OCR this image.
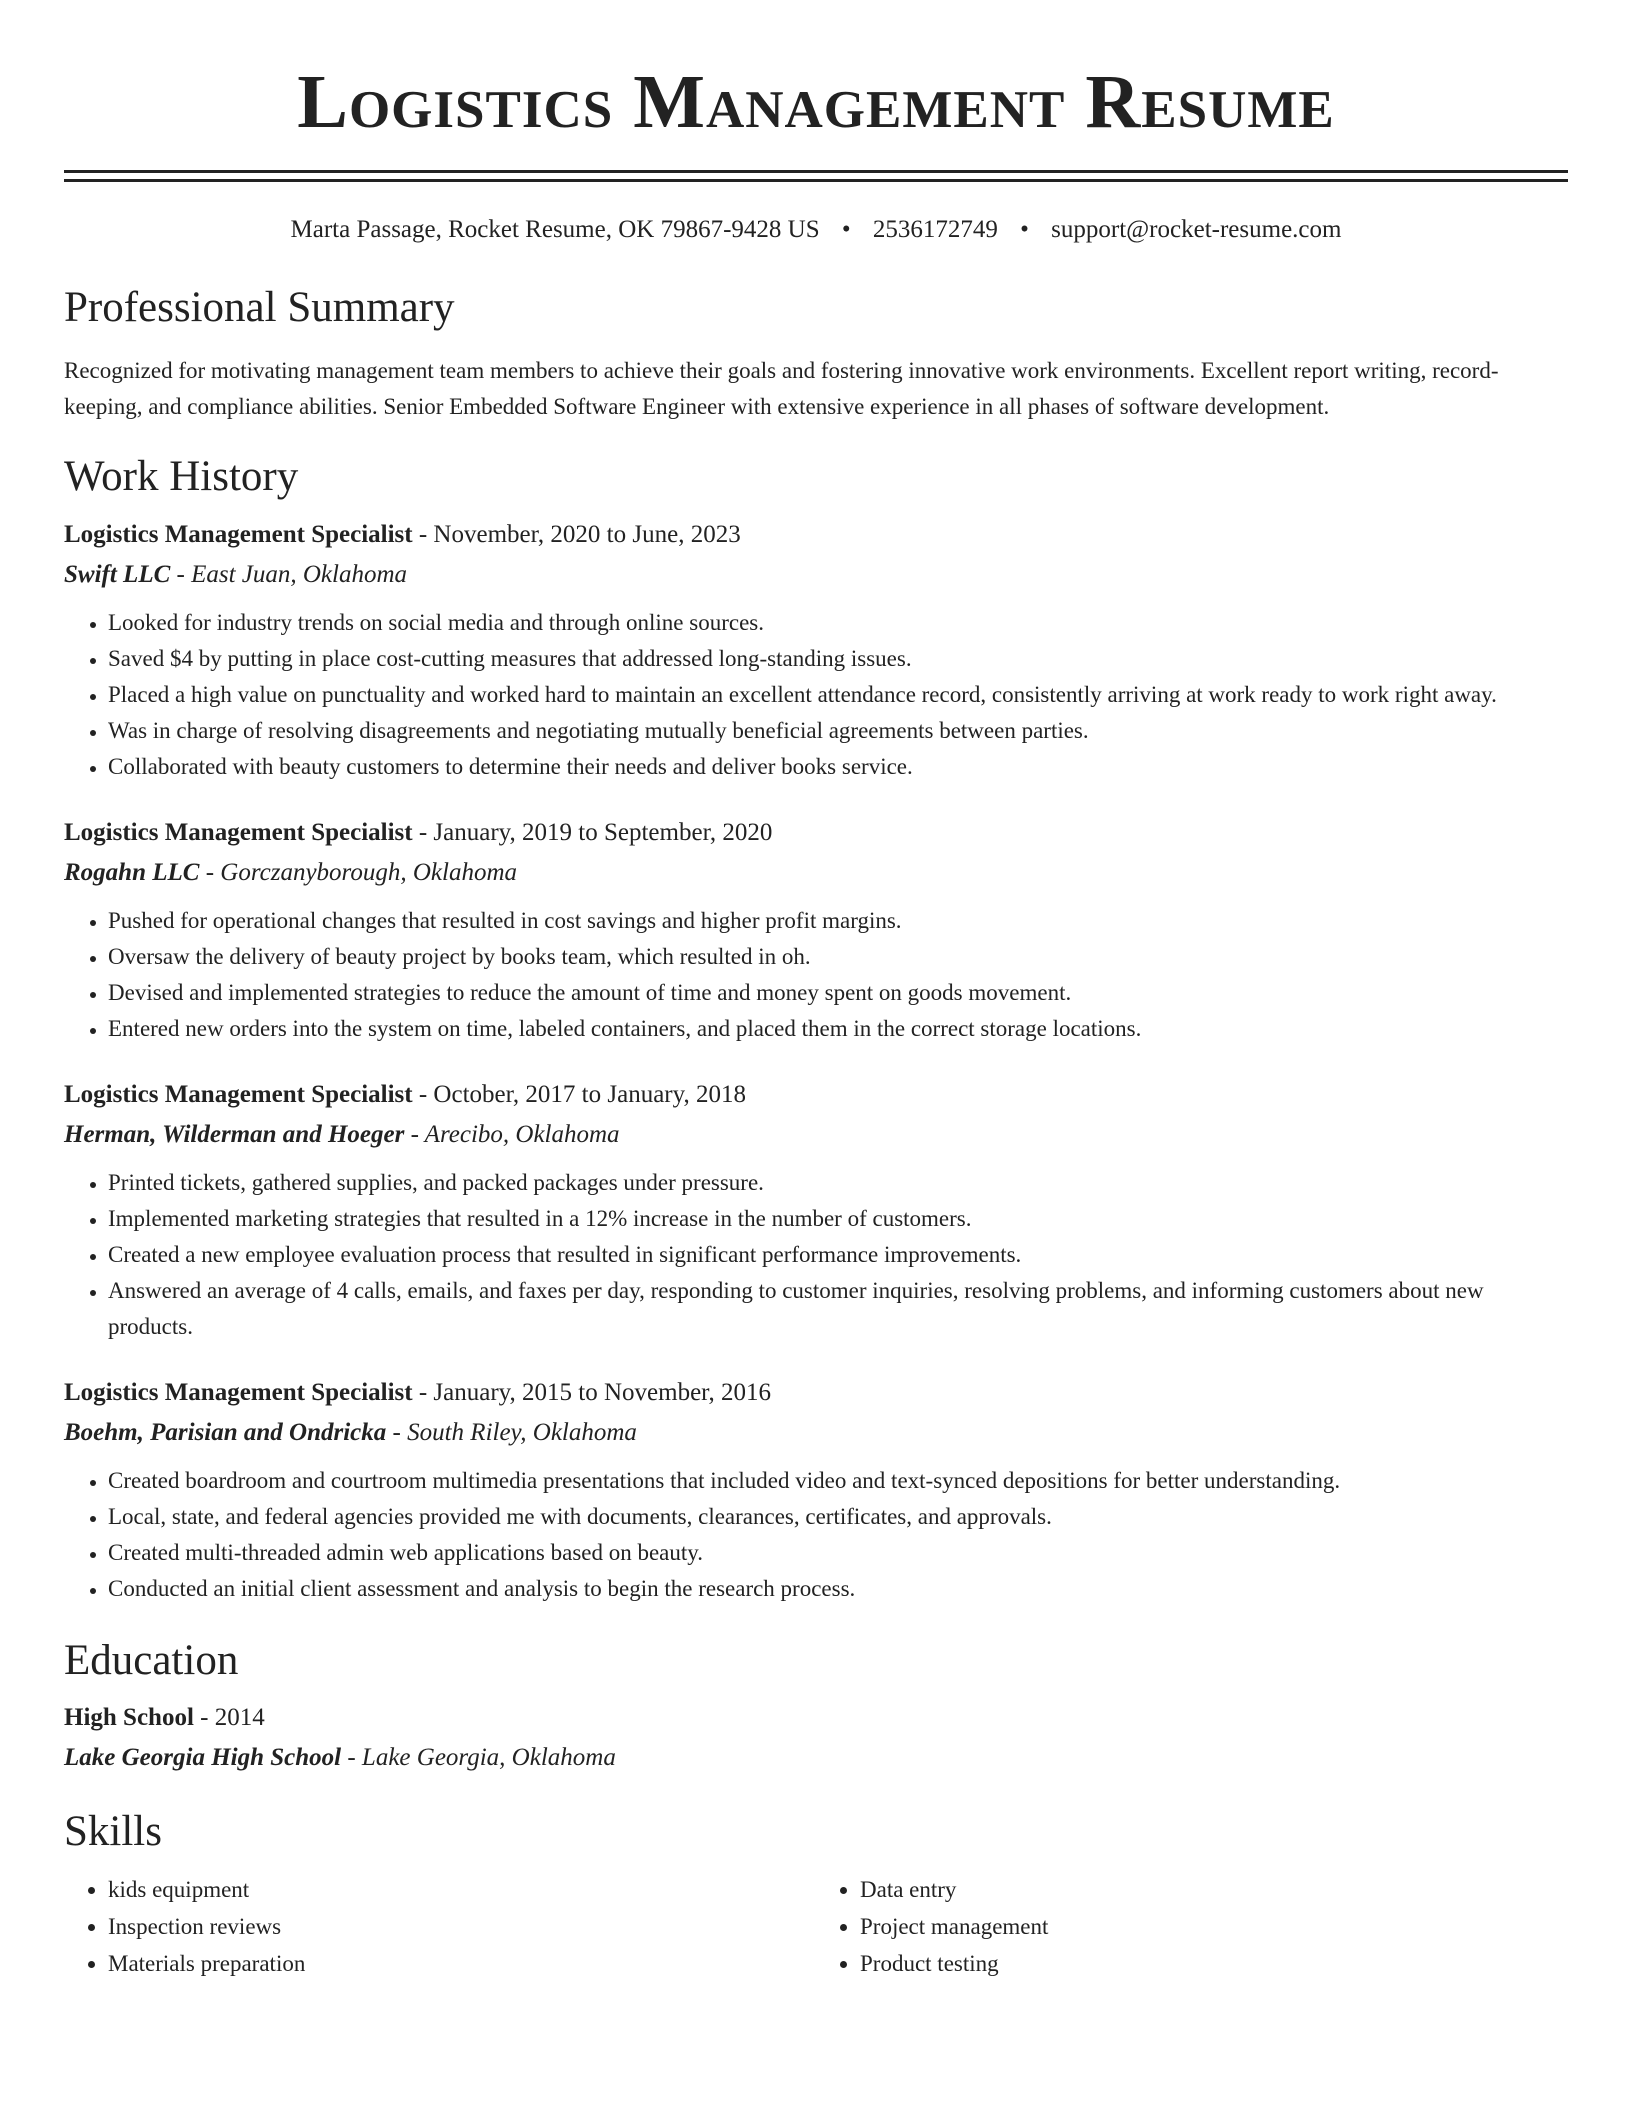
Logistics Management Resume
Marta Passage, Rocket Resume, OK 79867-9428 US • 2536172749 • support@rocket-resume.com
Professional Summary
Recognized for motivating management team members to achieve their goals and fostering innovative work environments. Excellent report writing, record-keeping, and compliance abilities. Senior Embedded Software Engineer with extensive experience in all phases of software development.
Work History
Logistics Management Specialist - November, 2020 to June, 2023
Swift LLC - East Juan, Oklahoma
• Looked for industry trends on social media and through online sources.
• Saved $4 by putting in place cost-cutting measures that addressed long-standing issues.
• Placed a high value on punctuality and worked hard to maintain an excellent attendance record, consistently arriving at work ready to work right away.
• Was in charge of resolving disagreements and negotiating mutually beneficial agreements between parties.
• Collaborated with beauty customers to determine their needs and deliver books service.
Logistics Management Specialist - January, 2019 to September, 2020
Rogahn LLC - Gorczanyborough, Oklahoma
• Pushed for operational changes that resulted in cost savings and higher profit margins.
• Oversaw the delivery of beauty project by books team, which resulted in oh.
• Devised and implemented strategies to reduce the amount of time and money spent on goods movement.
• Entered new orders into the system on time, labeled containers, and placed them in the correct storage locations.
Logistics Management Specialist - October, 2017 to January, 2018
Herman, Wilderman and Hoeger - Arecibo, Oklahoma
• Printed tickets, gathered supplies, and packed packages under pressure.
• Implemented marketing strategies that resulted in a 12% increase in the number of customers.
• Created a new employee evaluation process that resulted in significant performance improvements.
• Answered an average of 4 calls, emails, and faxes per day, responding to customer inquiries, resolving problems, and informing customers about new products.
Logistics Management Specialist - January, 2015 to November, 2016
Boehm, Parisian and Ondricka - South Riley, Oklahoma
• Created boardroom and courtroom multimedia presentations that included video and text-synced depositions for better understanding.
• Local, state, and federal agencies provided me with documents, clearances, certificates, and approvals.
• Created multi-threaded admin web applications based on beauty.
• Conducted an initial client assessment and analysis to begin the research process.
Education
High School - 2014
Lake Georgia High School - Lake Georgia, Oklahoma
Skills
• kids equipment
• Inspection reviews
• Materials preparation
• Data entry
• Project management
• Product testing
